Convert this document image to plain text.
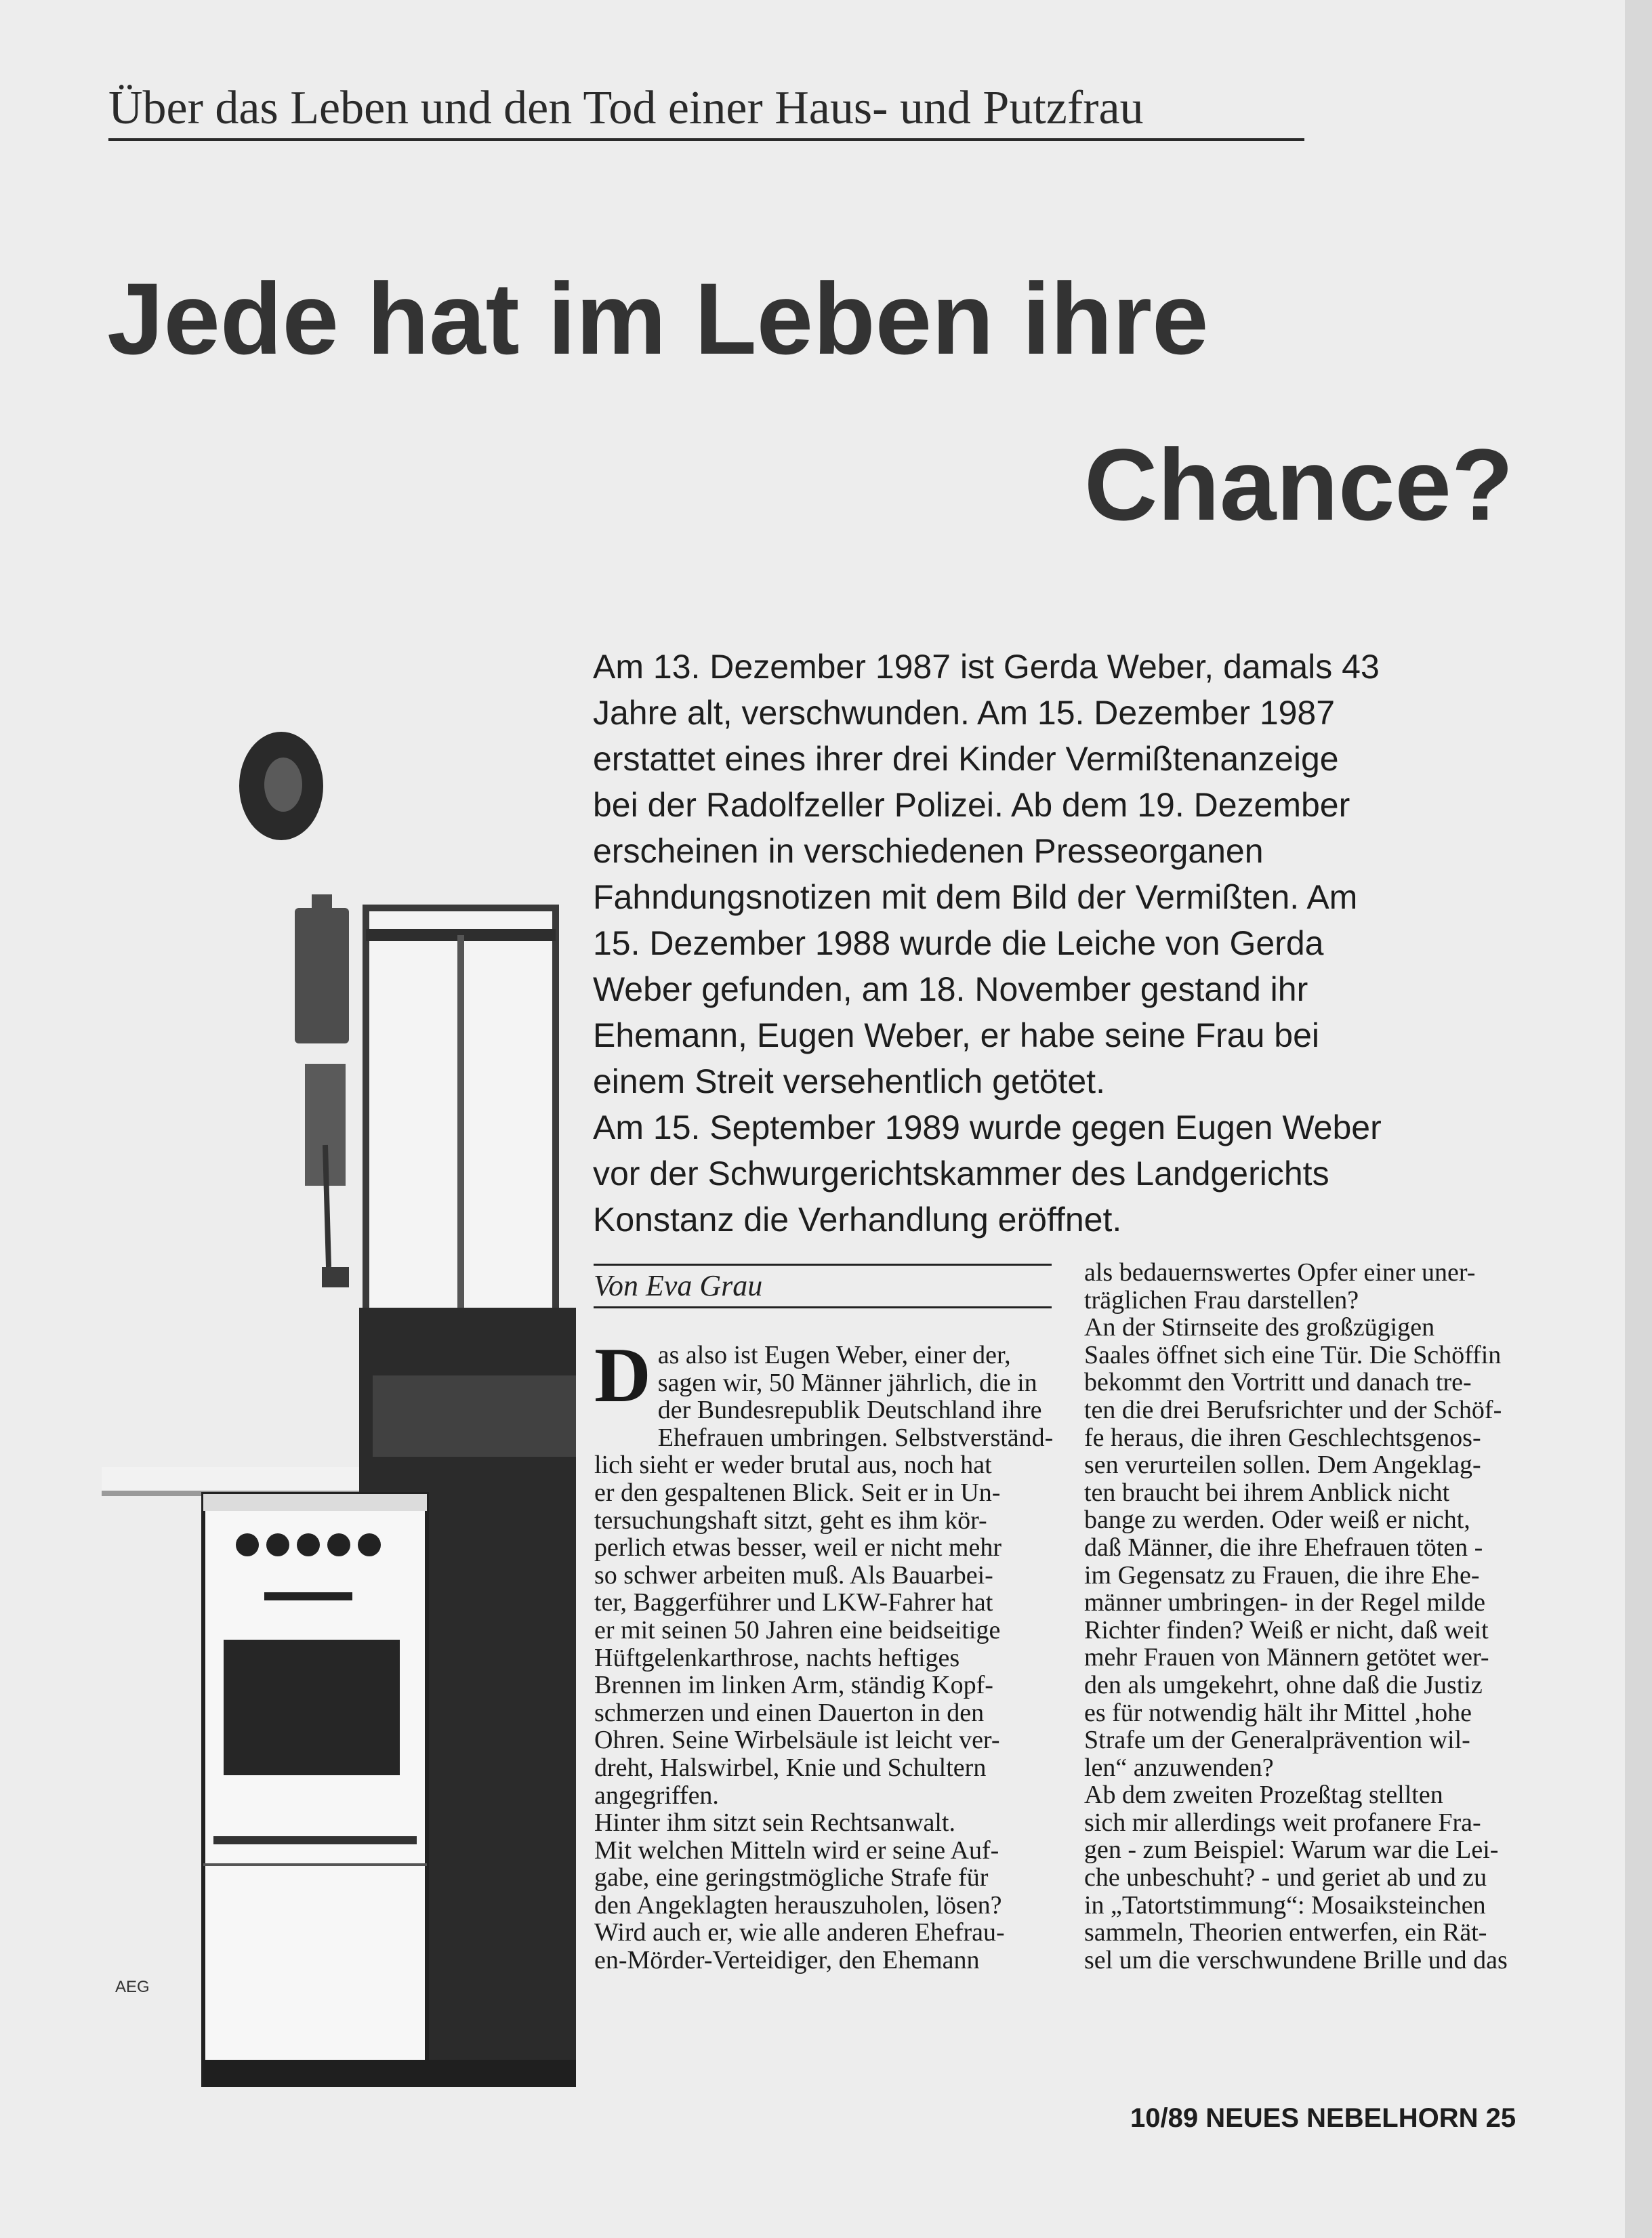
Über das Leben und den Tod einer Haus- und Putzfrau
Jede hat im Leben ihre
Chance?
AEG
Am 13. Dezember 1987 ist Gerda Weber, damals 43
Jahre alt, verschwunden. Am 15. Dezember 1987
erstattet eines ihrer drei Kinder Vermißtenanzeige
bei der Radolfzeller Polizei. Ab dem 19. Dezember
erscheinen in verschiedenen Presseorganen
Fahndungsnotizen mit dem Bild der Vermißten. Am
15. Dezember 1988 wurde die Leiche von Gerda
Weber gefunden, am 18. November gestand ihr
Ehemann, Eugen Weber, er habe seine Frau bei
einem Streit versehentlich getötet.
Am 15. September 1989 wurde gegen Eugen Weber
vor der Schwurgerichtskammer des Landgerichts
Konstanz die Verhandlung eröffnet.
Von Eva Grau
D as also ist Eugen Weber, einer der,
sagen wir, 50 Männer jährlich, die in
der Bundesrepublik Deutschland ihre
Ehefrauen umbringen. Selbstverständ-
lich sieht er weder brutal aus, noch hat
er den gespaltenen Blick. Seit er in Un-
tersuchungshaft sitzt, geht es ihm kör-
perlich etwas besser, weil er nicht mehr
so schwer arbeiten muß. Als Bauarbei-
ter, Baggerführer und LKW-Fahrer hat
er mit seinen 50 Jahren eine beidseitige
Hüftgelenkarthrose, nachts heftiges
Brennen im linken Arm, ständig Kopf-
schmerzen und einen Dauerton in den
Ohren. Seine Wirbelsäule ist leicht ver-
dreht, Halswirbel, Knie und Schultern
angegriffen.
Hinter ihm sitzt sein Rechtsanwalt.
Mit welchen Mitteln wird er seine Auf-
gabe, eine geringstmögliche Strafe für
den Angeklagten herauszuholen, lösen?
Wird auch er, wie alle anderen Ehefrau-
en-Mörder-Verteidiger, den Ehemann
als bedauernswertes Opfer einer uner-
träglichen Frau darstellen?
An der Stirnseite des großzügigen
Saales öffnet sich eine Tür. Die Schöffin
bekommt den Vortritt und danach tre-
ten die drei Berufsrichter und der Schöf-
fe heraus, die ihren Geschlechtsgenos-
sen verurteilen sollen. Dem Angeklag-
ten braucht bei ihrem Anblick nicht
bange zu werden. Oder weiß er nicht,
daß Männer, die ihre Ehefrauen töten -
im Gegensatz zu Frauen, die ihre Ehe-
männer umbringen- in der Regel milde
Richter finden? Weiß er nicht, daß weit
mehr Frauen von Männern getötet wer-
den als umgekehrt, ohne daß die Justiz
es für notwendig hält ihr Mittel ‚hohe
Strafe um der Generalprävention wil-
len“ anzuwenden?
Ab dem zweiten Prozeßtag stellten
sich mir allerdings weit profanere Fra-
gen - zum Beispiel: Warum war die Lei-
che unbeschuht? - und geriet ab und zu
in „Tatortstimmung“: Mosaiksteinchen
sammeln, Theorien entwerfen, ein Rät-
sel um die verschwundene Brille und das
10/89 NEUES NEBELHORN 25
